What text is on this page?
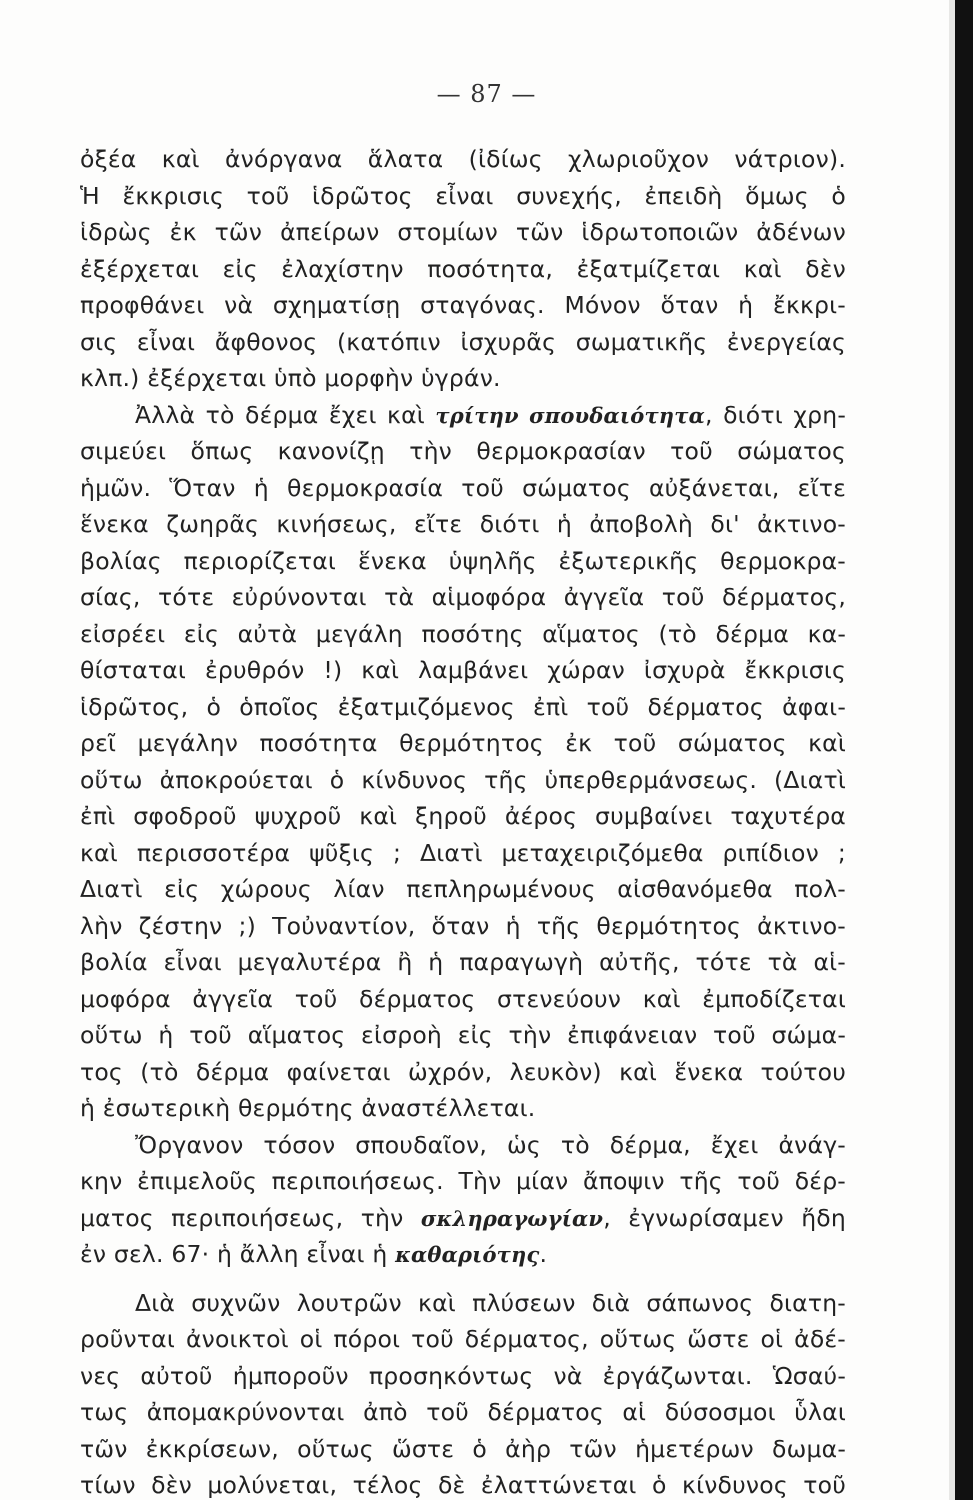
— 87 —
ὀξέα καὶ ἀνόργανα ἅλατα (ἰδίως χλωριοῦχον νάτριον).
Ἡ ἔκκρισις τοῦ ἱδρῶτος εἶναι συνεχής, ἐπειδὴ ὅμως ὁ
ἱδρὼς ἐκ τῶν ἀπείρων στομίων τῶν ἱδρωτοποιῶν ἀδένων
ἐξέρχεται εἰς ἐλαχίστην ποσότητα, ἐξατμίζεται καὶ δὲν
προφθάνει νὰ σχηματίσῃ σταγόνας. Μόνον ὅταν ἡ ἔκκρι-
σις εἶναι ἄφθονος (κατόπιν ἰσχυρᾶς σωματικῆς ἐνεργείας
κλπ.) ἐξέρχεται ὑπὸ μορφὴν ὑγράν.
Ἀλλὰ τὸ δέρμα ἔχει καὶ τρίτην σπουδαιότητα, διότι χρη-
σιμεύει ὅπως κανονίζῃ τὴν θερμοκρασίαν τοῦ σώματος
ἡμῶν. Ὅταν ἡ θερμοκρασία τοῦ σώματος αὐξάνεται, εἴτε
ἕνεκα ζωηρᾶς κινήσεως, εἴτε διότι ἡ ἀποβολὴ δι' ἀκτινο-
βολίας περιορίζεται ἕνεκα ὑψηλῆς ἐξωτερικῆς θερμοκρα-
σίας, τότε εὐρύνονται τὰ αἱμοφόρα ἀγγεῖα τοῦ δέρματος,
εἰσρέει εἰς αὐτὰ μεγάλη ποσότης αἵματος (τὸ δέρμα κα-
θίσταται ἐρυθρόν !) καὶ λαμβάνει χώραν ἰσχυρὰ ἔκκρισις
ἱδρῶτος, ὁ ὁποῖος ἐξατμιζόμενος ἐπὶ τοῦ δέρματος ἀφαι-
ρεῖ μεγάλην ποσότητα θερμότητος ἐκ τοῦ σώματος καὶ
οὕτω ἀποκρούεται ὁ κίνδυνος τῆς ὑπερθερμάνσεως. (Διατὶ
ἐπὶ σφοδροῦ ψυχροῦ καὶ ξηροῦ ἀέρος συμβαίνει ταχυτέρα
καὶ περισσοτέρα ψῦξις ; Διατὶ μεταχειριζόμεθα ριπίδιον ;
Διατὶ εἰς χώρους λίαν πεπληρωμένους αἰσθανόμεθα πολ-
λὴν ζέστην ;) Τοὐναντίον, ὅταν ἡ τῆς θερμότητος ἀκτινο-
βολία εἶναι μεγαλυτέρα ἢ ἡ παραγωγὴ αὐτῆς, τότε τὰ αἱ-
μοφόρα ἀγγεῖα τοῦ δέρματος στενεύουν καὶ ἐμποδίζεται
οὕτω ἡ τοῦ αἵματος εἰσροὴ εἰς τὴν ἐπιφάνειαν τοῦ σώμα-
τος (τὸ δέρμα φαίνεται ὠχρόν, λευκὸν) καὶ ἕνεκα τούτου
ἡ ἐσωτερικὴ θερμότης ἀναστέλλεται.
Ὄργανον τόσον σπουδαῖον, ὡς τὸ δέρμα, ἔχει ἀνάγ-
κην ἐπιμελοῦς περιποιήσεως. Τὴν μίαν ἄποψιν τῆς τοῦ δέρ-
ματος περιποιήσεως, τὴν σκληραγωγίαν, ἐγνωρίσαμεν ἤδη
ἐν σελ. 67· ἡ ἄλλη εἶναι ἡ καθαριότης.
Διὰ συχνῶν λουτρῶν καὶ πλύσεων διὰ σάπωνος διατη-
ροῦνται ἀνοικτοὶ οἱ πόροι τοῦ δέρματος, οὕτως ὥστε οἱ ἀδέ-
νες αὐτοῦ ἠμποροῦν προσηκόντως νὰ ἐργάζωνται. Ὡσαύ-
τως ἀπομακρύνονται ἀπὸ τοῦ δέρματος αἱ δύσοσμοι ὗλαι
τῶν ἐκκρίσεων, οὕτως ὥστε ὁ ἀὴρ τῶν ἡμετέρων δωμα-
τίων δὲν μολύνεται, τέλος δὲ ἐλαττώνεται ὁ κίνδυνος τοῦ
